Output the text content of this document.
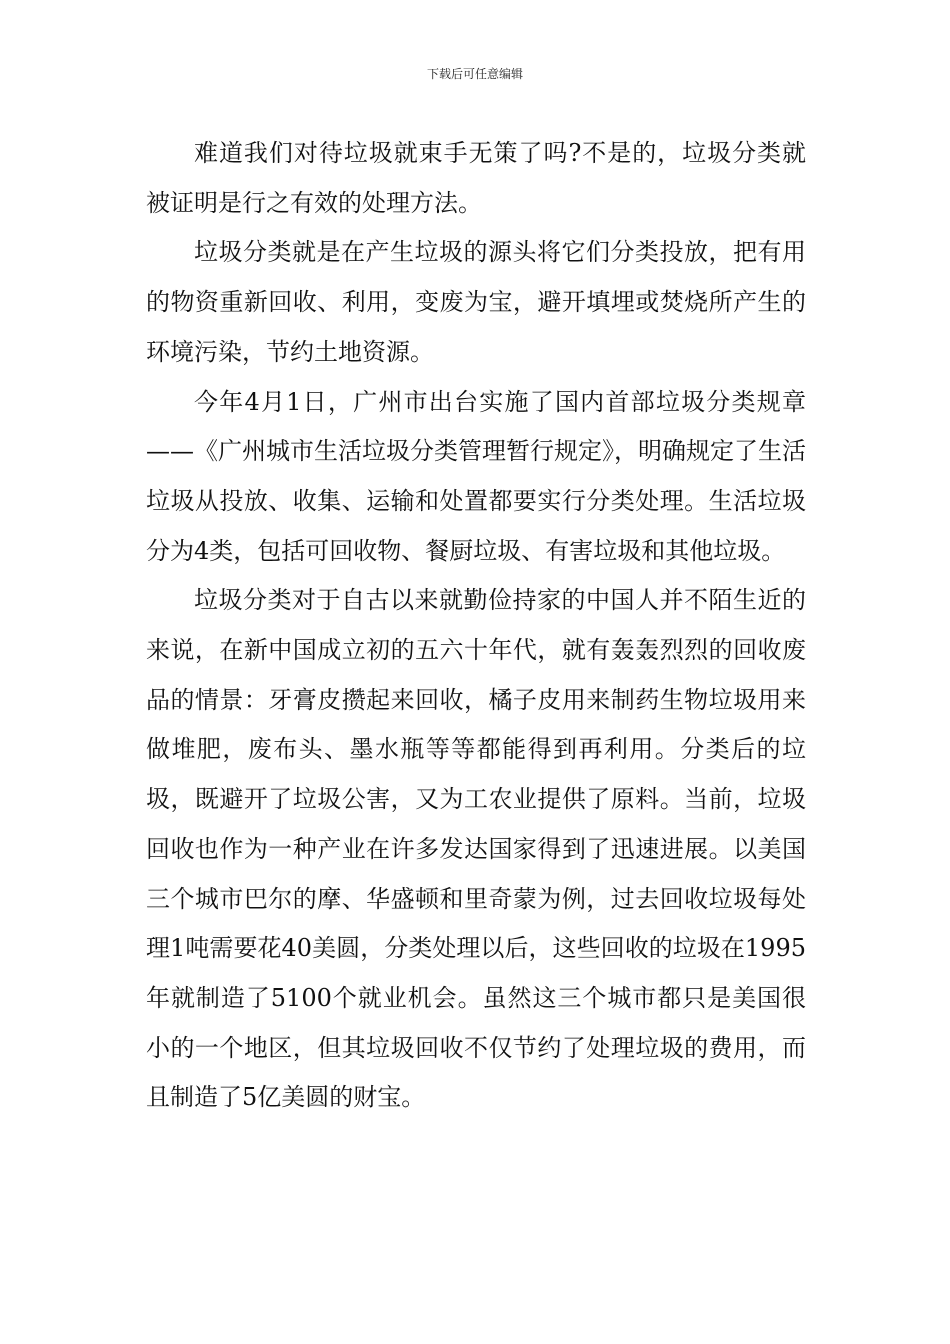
下载后可任意编辑

难道我们对待垃圾就束手无策了吗?不是的，垃圾分类就被证明是行之有效的处理方法。

垃圾分类就是在产生垃圾的源头将它们分类投放，把有用的物资重新回收、利用，变废为宝，避开填埋或焚烧所产生的环境污染，节约土地资源。

今年4月1日，广州市出台实施了国内首部垃圾分类规章——《广州城市生活垃圾分类管理暂行规定》，明确规定了生活垃圾从投放、收集、运输和处置都要实行分类处理。生活垃圾分为4类，包括可回收物、餐厨垃圾、有害垃圾和其他垃圾。

垃圾分类对于自古以来就勤俭持家的中国人并不陌生近的来说，在新中国成立初的五六十年代，就有轰轰烈烈的回收废品的情景：牙膏皮攒起来回收，橘子皮用来制药生物垃圾用来做堆肥，废布头、墨水瓶等等都能得到再利用。分类后的垃圾，既避开了垃圾公害，又为工农业提供了原料。当前，垃圾回收也作为一种产业在许多发达国家得到了迅速进展。以美国三个城市巴尔的摩、华盛顿和里奇蒙为例，过去回收垃圾每处理1吨需要花40美圆，分类处理以后，这些回收的垃圾在1995年就制造了5100个就业机会。虽然这三个城市都只是美国很小的一个地区，但其垃圾回收不仅节约了处理垃圾的费用，而且制造了5亿美圆的财宝。
